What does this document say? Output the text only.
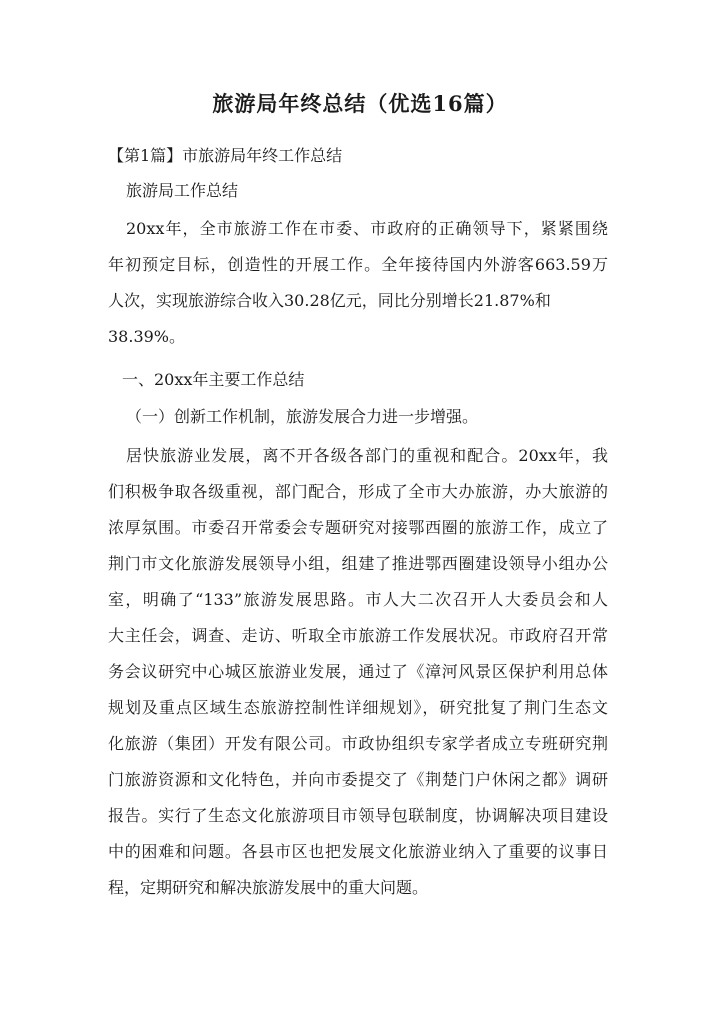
旅游局年终总结（优选16篇）
【第1篇】市旅游局年终工作总结
旅游局工作总结
20xx年，全市旅游工作在市委、市政府的正确领导下，紧紧围绕
年初预定目标，创造性的开展工作。全年接待国内外游客663.59万
人次，实现旅游综合收入30.28亿元，同比分别增长21.87%和
38.39%。
一、20xx年主要工作总结
（一）创新工作机制，旅游发展合力进一步增强。
居快旅游业发展，离不开各级各部门的重视和配合。20xx年，我
们积极争取各级重视，部门配合，形成了全市大办旅游，办大旅游的
浓厚氛围。市委召开常委会专题研究对接鄂西圈的旅游工作，成立了
荆门市文化旅游发展领导小组，组建了推进鄂西圈建设领导小组办公
室，明确了“133”旅游发展思路。市人大二次召开人大委员会和人
大主任会，调查、走访、听取全市旅游工作发展状况。市政府召开常
务会议研究中心城区旅游业发展，通过了《漳河风景区保护利用总体
规划及重点区域生态旅游控制性详细规划》，研究批复了荆门生态文
化旅游（集团）开发有限公司。市政协组织专家学者成立专班研究荆
门旅游资源和文化特色，并向市委提交了《荆楚门户休闲之都》调研
报告。实行了生态文化旅游项目市领导包联制度，协调解决项目建设
中的困难和问题。各县市区也把发展文化旅游业纳入了重要的议事日
程，定期研究和解决旅游发展中的重大问题。
